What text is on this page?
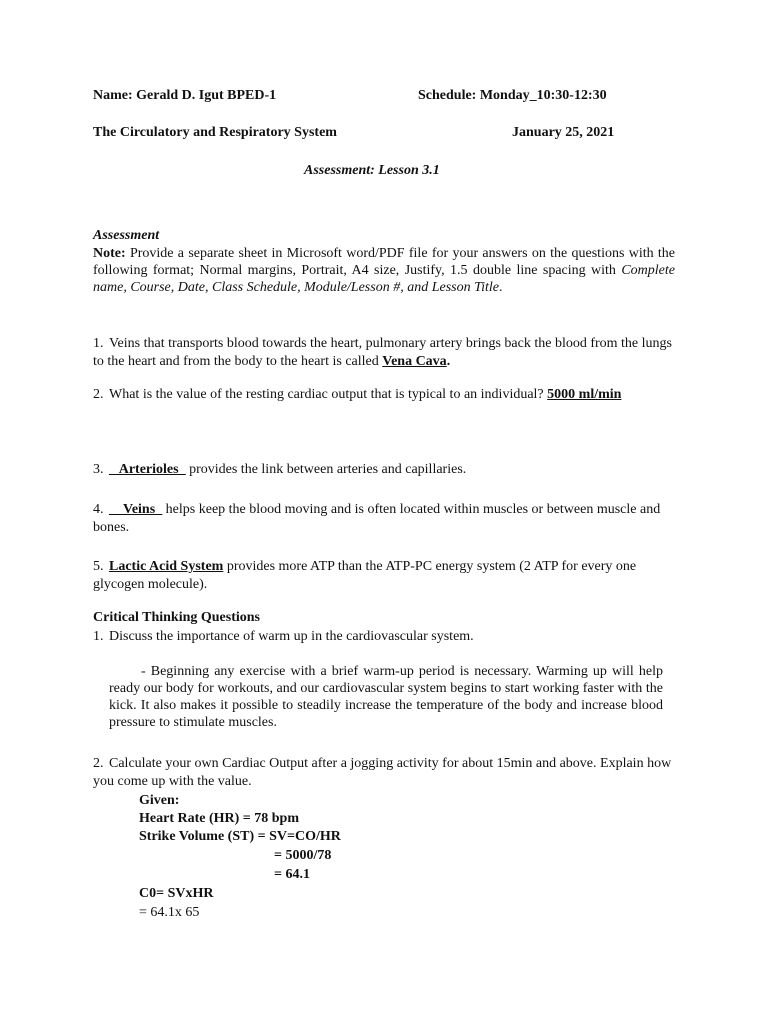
Name: Gerald D. Igut BPED-1	Schedule: Monday_10:30-12:30
The Circulatory and Respiratory System	January 25, 2021
Assessment: Lesson 3.1
Assessment
Note: Provide a separate sheet in Microsoft word/PDF file for your answers on the questions with the following format; Normal margins, Portrait, A4 size, Justify, 1.5 double line spacing with Complete name, Course, Date, Class Schedule, Module/Lesson #, and Lesson Title.
1. Veins that transports blood towards the heart, pulmonary artery brings back the blood from the lungs to the heart and from the body to the heart is called Vena Cava.
2. What is the value of the resting cardiac output that is typical to an individual? 5000 ml/min
3. _ Arterioles_ provides the link between arteries and capillaries.
4. __Veins_ helps keep the blood moving and is often located within muscles or between muscle and bones.
5. Lactic Acid System provides more ATP than the ATP-PC energy system (2 ATP for every one glycogen molecule).
Critical Thinking Questions
1. Discuss the importance of warm up in the cardiovascular system.
- Beginning any exercise with a brief warm-up period is necessary. Warming up will help ready our body for workouts, and our cardiovascular system begins to start working faster with the kick. It also makes it possible to steadily increase the temperature of the body and increase blood pressure to stimulate muscles.
2. Calculate your own Cardiac Output after a jogging activity for about 15min and above. Explain how you come up with the value.
Given:
Heart Rate (HR) = 78 bpm
Strike Volume (ST) = SV=CO/HR
= 5000/78
= 64.1
C0= SVxHR
= 64.1x 65
